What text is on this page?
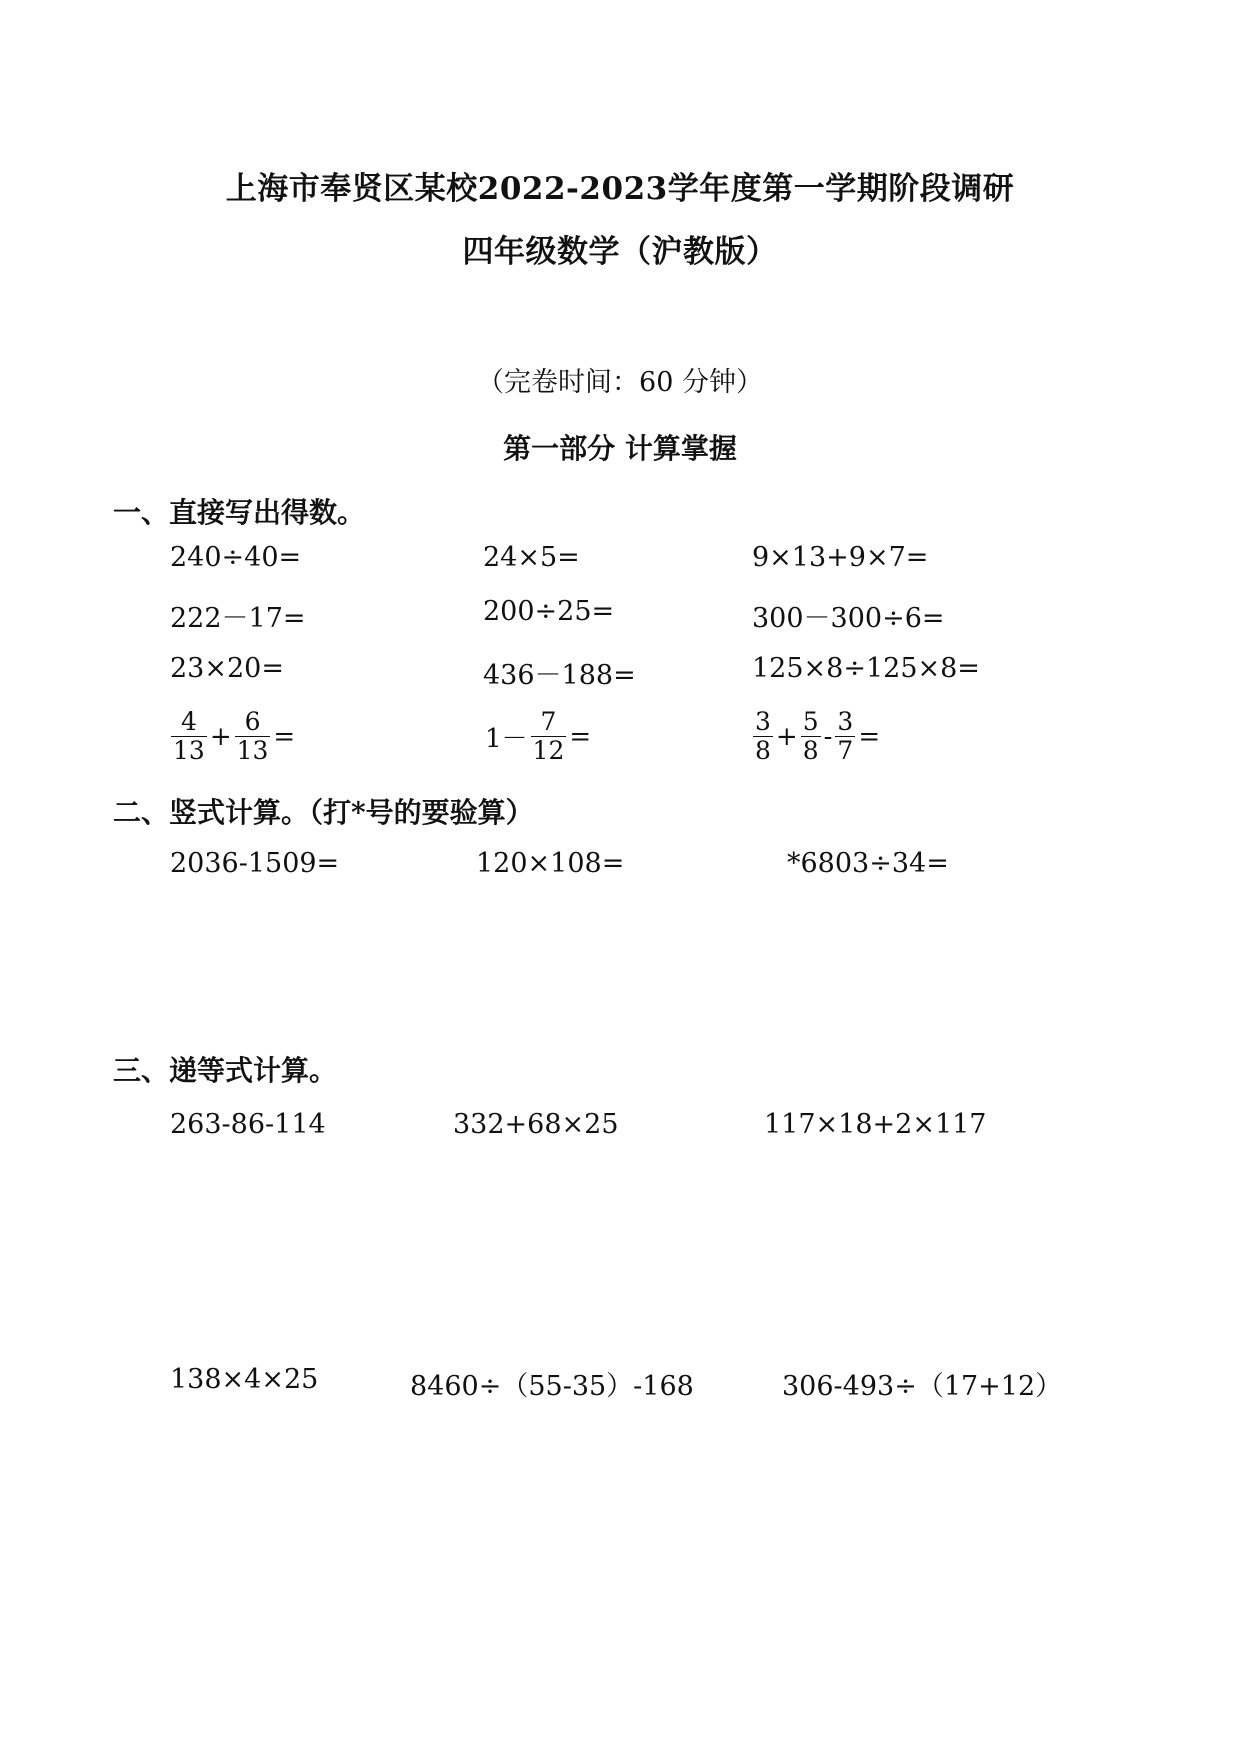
上海市奉贤区某校2022-2023学年度第一学期阶段调研
四年级数学（沪教版）
（完卷时间：60 分钟）
第一部分 计算掌握
一、直接写出得数。
240÷40=	24×5=	9×13+9×7=
222－17=	200÷25=	300－300÷6=
23×20=	436－188=	125×8÷125×8=
$\frac{4}{13} + \frac{6}{13}$ =	$1- \frac{7}{12}$ =	$\frac{3}{8} + \frac{5}{8} - \frac{3}{7}$ =
二、竖式计算。（打*号的要验算）
2036-1509=	120×108=	*6803÷34=
三、递等式计算。
263-86-114	332+68×25	117×18+2×117
138×4×25	8460÷（55-35）-168	306-493÷（17+12）
